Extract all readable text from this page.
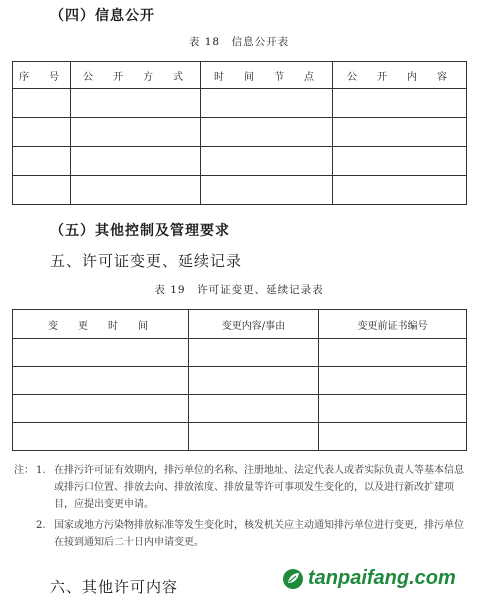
（四）信息公开
表 18　信息公开表
序　号	公　开　方　式	时　间　节　点	公　开　内　容

（五）其他控制及管理要求
五、许可证变更、延续记录
表 19　许可证变更、延续记录表
变　更　时　间	变更内容/事由	变更前证书编号

注： 1. 在排污许可证有效期内，排污单位的名称、注册地址、法定代表人或者实际负责人等基本信息或排污口位置、排放去向、排放浓度、排放量等许可事项发生变化的，以及进行新改扩建项目，应提出变更申请。
2. 国家或地方污染物排放标准等发生变化时，核发机关应主动通知排污单位进行变更，排污单位在接到通知后二十日内申请变更。
六、其他许可内容	tanpaifang.com
